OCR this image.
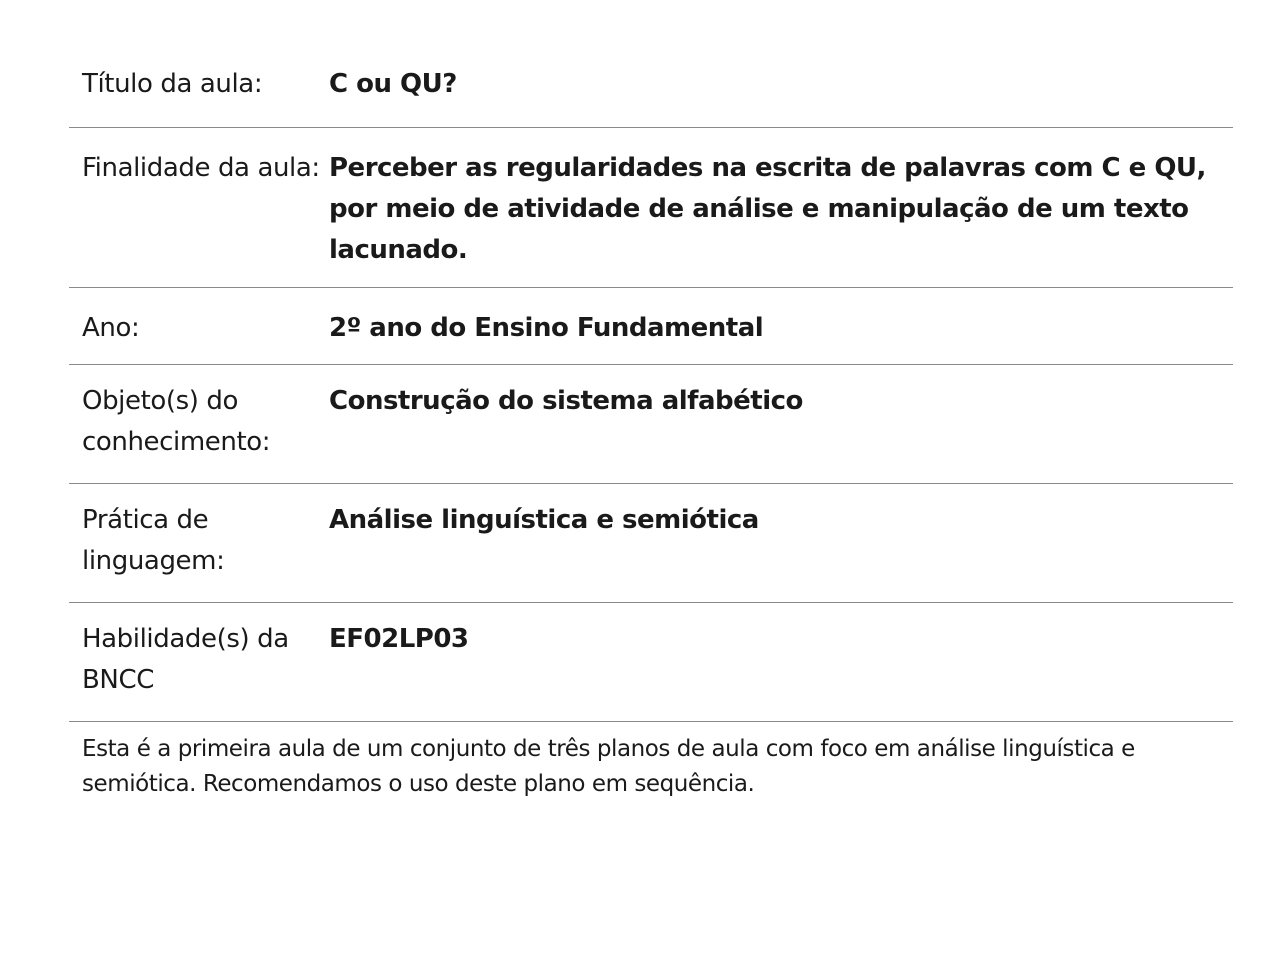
Título da aula:	C ou QU?
Finalidade da aula: Perceber as regularidades na escrita de palavras com C e QU, por meio de atividade de análise e manipulação de um texto lacunado.
Ano:	2º ano do Ensino Fundamental
Objeto(s) do conhecimento:
Construção do sistema alfabético
Prática de linguagem:
Análise linguística e semiótica
Habilidade(s) da BNCC
EF02LP03
Esta é a primeira aula de um conjunto de três planos de aula com foco em análise linguística e semiótica. Recomendamos o uso deste plano em sequência.
